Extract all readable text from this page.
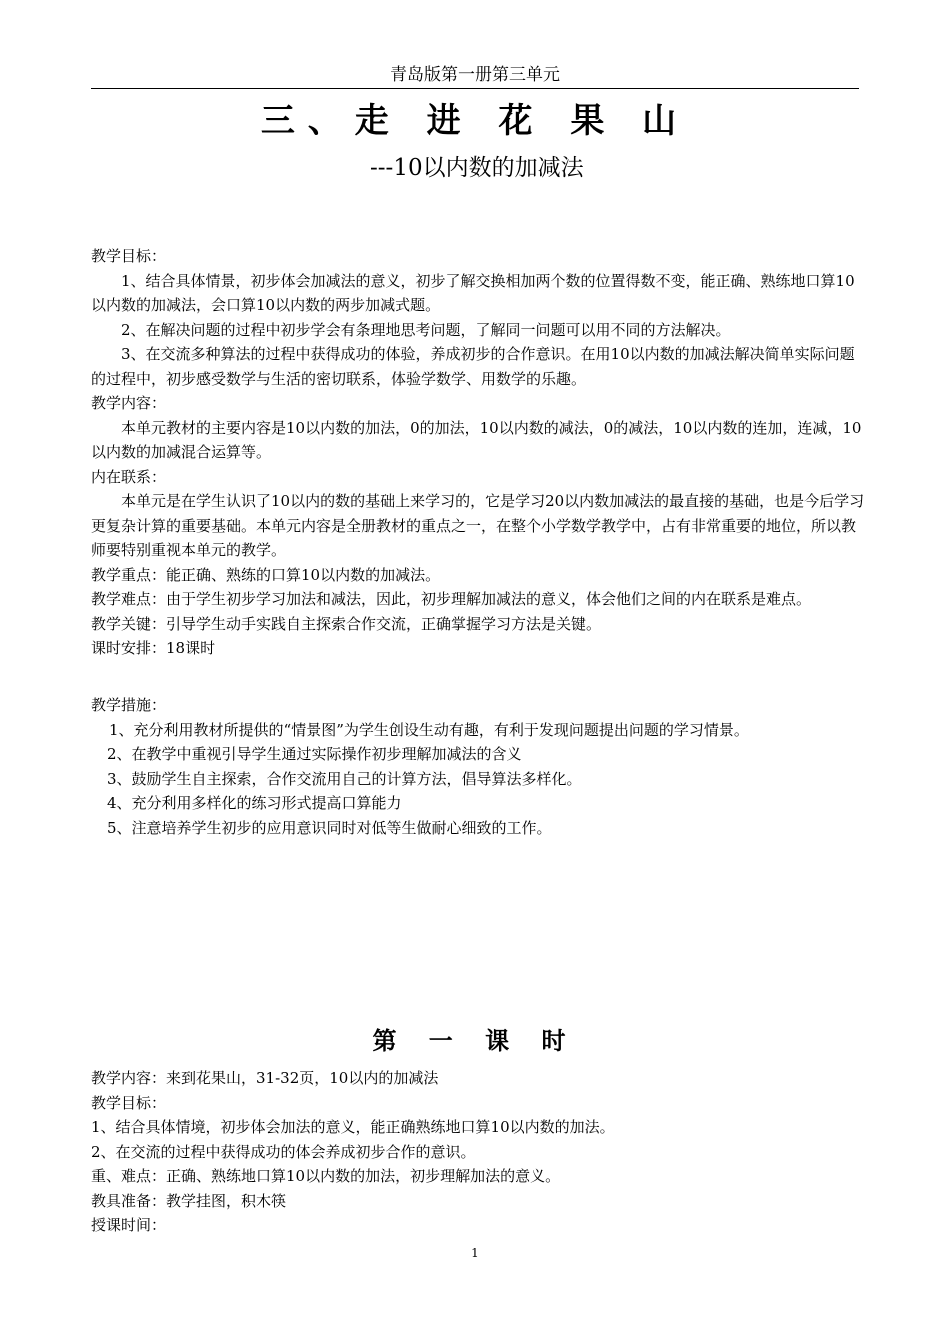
青岛版第一册第三单元
三、走 进 花 果 山
---10以内数的加减法

教学目标：

1、结合具体情景，初步体会加减法的意义，初步了解交换相加两个数的位置得数不变，能正确、熟练地口算10以内数的加减法，会口算10以内数的两步加减式题。

2、在解决问题的过程中初步学会有条理地思考问题，了解同一问题可以用不同的方法解决。

3、在交流多种算法的过程中获得成功的体验，养成初步的合作意识。在用10以内数的加减法解决简单实际问题的过程中，初步感受数学与生活的密切联系，体验学数学、用数学的乐趣。

教学内容：

本单元教材的主要内容是10以内数的加法，0的加法，10以内数的减法，0的减法，10以内数的连加，连减，10以内数的加减混合运算等。

内在联系：

本单元是在学生认识了10以内的数的基础上来学习的，它是学习20以内数加减法的最直接的基础，也是今后学习更复杂计算的重要基础。本单元内容是全册教材的重点之一，在整个小学数学教学中，占有非常重要的地位，所以教师要特别重视本单元的教学。

教学重点：能正确、熟练的口算10以内数的加减法。

教学难点：由于学生初步学习加法和减法，因此，初步理解加减法的意义，体会他们之间的内在联系是难点。

教学关键：引导学生动手实践自主探索合作交流，正确掌握学习方法是关键。

课时安排：18课时

教学措施：

1、充分利用教材所提供的“情景图”为学生创设生动有趣，有利于发现问题提出问题的学习情景。

2、在教学中重视引导学生通过实际操作初步理解加减法的含义

3、鼓励学生自主探索，合作交流用自己的计算方法，倡导算法多样化。

4、充分利用多样化的练习形式提高口算能力

5、注意培养学生初步的应用意识同时对低等生做耐心细致的工作。

第 一 课 时

教学内容：来到花果山，31-32页，10以内的加减法

教学目标：

1、结合具体情境，初步体会加法的意义，能正确熟练地口算10以内数的加法。

2、在交流的过程中获得成功的体会养成初步合作的意识。

重、难点：正确、熟练地口算10以内数的加法，初步理解加法的意义。

教具准备：教学挂图，积木筷

授课时间：

1
